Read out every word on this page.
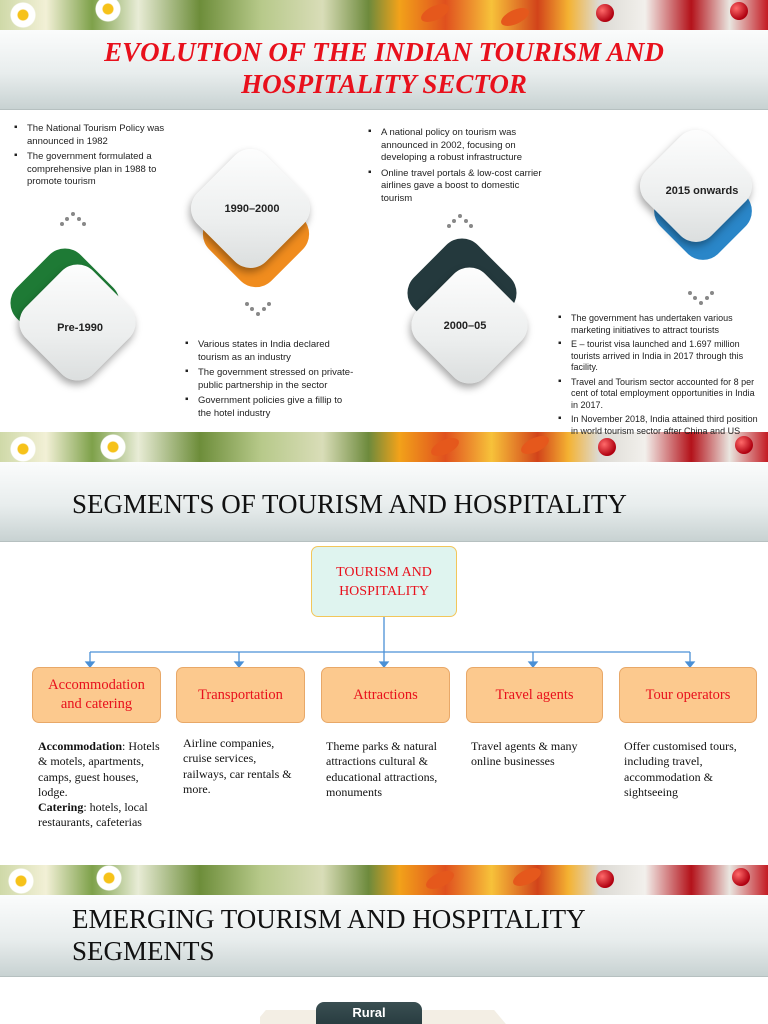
EVOLUTION OF THE INDIAN TOURISM AND
HOSPITALITY SECTOR
▪ The National Tourism Policy was announced in 1982
▪ The government formulated a comprehensive plan in 1988 to promote tourism
Pre-1990
1990–2000
▪ Various states in India declared tourism as an industry
▪ The government stressed on private-public partnership in the sector
▪ Government policies give a fillip to the hotel industry
▪ A national policy on tourism was announced in 2002, focusing on developing a robust infrastructure
▪ Online travel portals & low-cost carrier airlines gave a boost to domestic tourism
2000–05
2015 onwards
▪ The government has undertaken various marketing initiatives to attract tourists
▪ E – tourist visa launched and 1.697 million tourists arrived in India in 2017 through this facility.
▪ Travel and Tourism sector accounted for 8 per cent of total employment opportunities in India in 2017.
▪ In November 2018, India attained third position in world tourism sector after China and US
SEGMENTS OF TOURISM AND HOSPITALITY
TOURISM AND
HOSPITALITY
Accommodation
and catering
Transportation	Attractions	Travel agents	Tour operators
Accommodation: Hotels & motels, apartments, camps, guest houses, lodge.
Catering: hotels, local restaurants, cafeterias
Airline companies, cruise services, railways, car rentals & more.
Theme parks & natural attractions cultural & educational attractions, monuments
Travel agents & many online businesses
Offer customised tours, including travel, accommodation & sightseeing
EMERGING TOURISM AND HOSPITALITY
SEGMENTS
Rural
